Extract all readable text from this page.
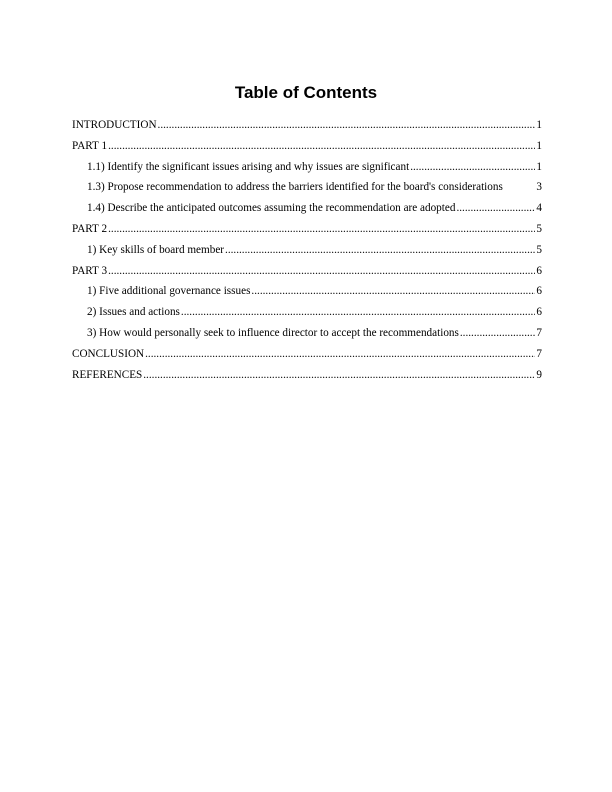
Table of Contents
INTRODUCTION .....	1
PART 1 .....	1
1.1) Identify the significant issues arising and why issues are significant .....	1
1.3) Propose recommendation to address the barriers identified for the board's considerations	3
1.4) Describe the anticipated outcomes assuming the recommendation are adopted .....	4
PART 2 .....	5
1) Key skills of board member .....	5
PART 3 .....	6
1) Five additional governance issues .....	6
2) Issues and actions .....	6
3) How would personally seek to influence director to accept the recommendations .....	7
CONCLUSION .....	7
REFERENCES .....	9
